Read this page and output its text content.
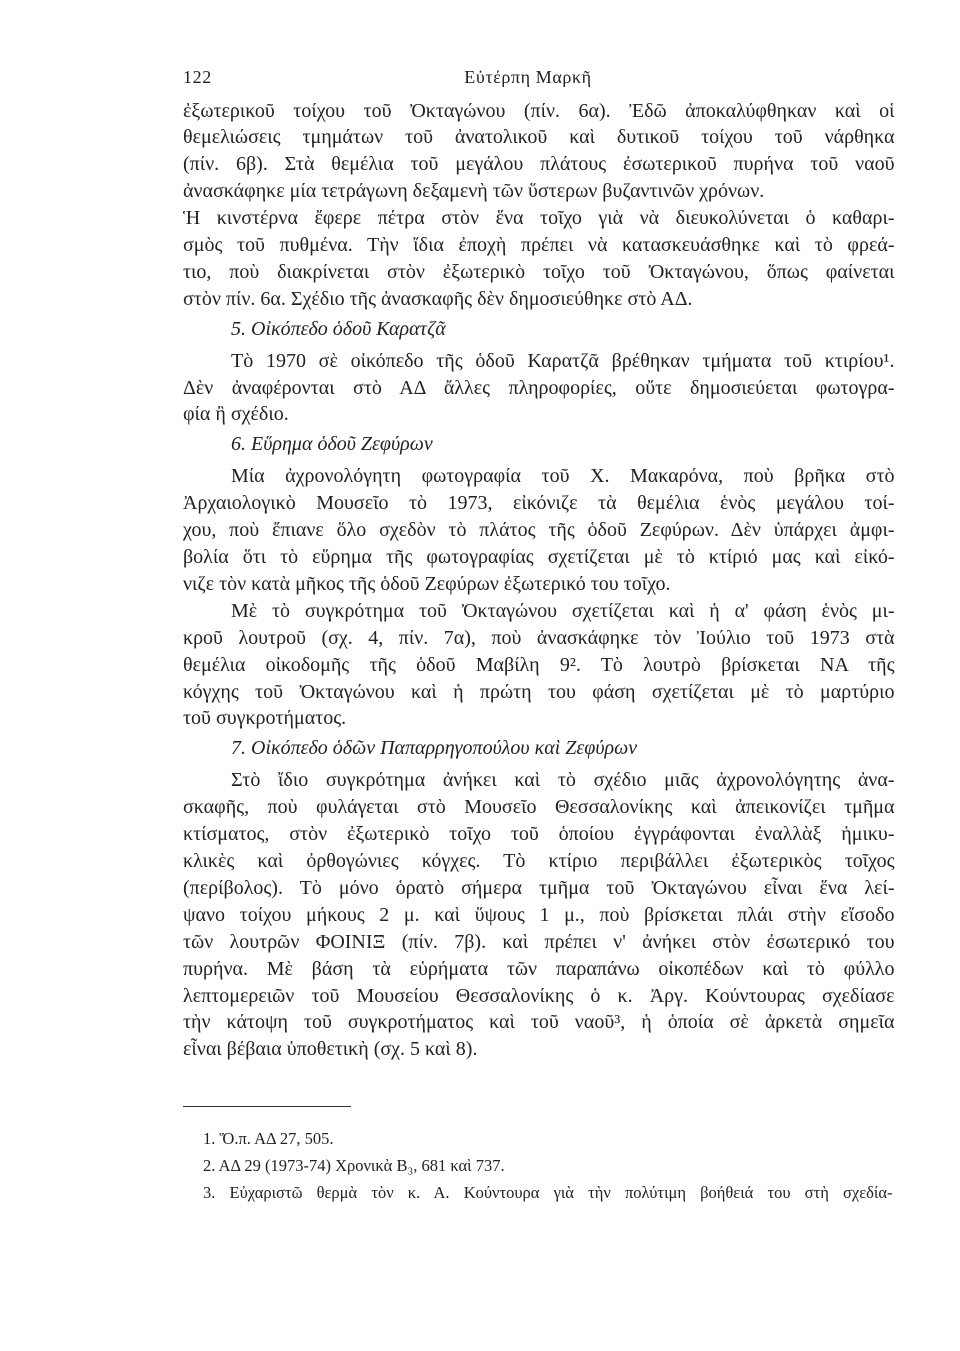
122	Εὐτέρπη Μαρκῆ
ἐξωτερικοῦ τοίχου τοῦ Ὀκταγώνου (πίν. 6α). Ἐδῶ ἀποκαλύφθηκαν καὶ οἱ
θεμελιώσεις τμημάτων τοῦ ἀνατολικοῦ καὶ δυτικοῦ τοίχου τοῦ νάρθηκα
(πίν. 6β). Στὰ θεμέλια τοῦ μεγάλου πλάτους ἐσωτερικοῦ πυρήνα τοῦ ναοῦ
ἀνασκάφηκε μία τετράγωνη δεξαμενὴ τῶν ὕστερων βυζαντινῶν χρόνων.
Ἡ κινστέρνα ἔφερε πέτρα στὸν ἕνα τοῖχο γιὰ νὰ διευκολύνεται ὁ καθαρι-
σμὸς τοῦ πυθμένα. Τὴν ἴδια ἐποχὴ πρέπει νὰ κατασκευάσθηκε καὶ τὸ φρεά-
τιο, ποὺ διακρίνεται στὸν ἐξωτερικὸ τοῖχο τοῦ Ὀκταγώνου, ὅπως φαίνεται
στὸν πίν. 6α. Σχέδιο τῆς ἀνασκαφῆς δὲν δημοσιεύθηκε στὸ ΑΔ.
5. Οἰκόπεδο ὁδοῦ Καρατζᾶ
Τὸ 1970 σὲ οἰκόπεδο τῆς ὁδοῦ Καρατζᾶ βρέθηκαν τμήματα τοῦ κτιρίου¹.
Δὲν ἀναφέρονται στὸ ΑΔ ἄλλες πληροφορίες, οὔτε δημοσιεύεται φωτογρα-
φία ἢ σχέδιο.
6. Εὕρημα ὁδοῦ Ζεφύρων
Μία ἀχρονολόγητη φωτογραφία τοῦ Χ. Μακαρόνα, ποὺ βρῆκα στὸ
Ἀρχαιολογικὸ Μουσεῖο τὸ 1973, εἰκόνιζε τὰ θεμέλια ἑνὸς μεγάλου τοί-
χου, ποὺ ἔπιανε ὅλο σχεδὸν τὸ πλάτος τῆς ὁδοῦ Ζεφύρων. Δὲν ὑπάρχει ἀμφι-
βολία ὅτι τὸ εὕρημα τῆς φωτογραφίας σχετίζεται μὲ τὸ κτίριό μας καὶ εἰκό-
νιζε τὸν κατὰ μῆκος τῆς ὁδοῦ Ζεφύρων ἐξωτερικό του τοῖχο.
Μὲ τὸ συγκρότημα τοῦ Ὀκταγώνου σχετίζεται καὶ ἡ α' φάση ἑνὸς μι-
κροῦ λουτροῦ (σχ. 4, πίν. 7α), ποὺ ἀνασκάφηκε τὸν Ἰούλιο τοῦ 1973 στὰ
θεμέλια οἰκοδομῆς τῆς ὁδοῦ Μαβίλη 9². Τὸ λουτρὸ βρίσκεται ΝΑ τῆς
κόγχης τοῦ Ὀκταγώνου καὶ ἡ πρώτη του φάση σχετίζεται μὲ τὸ μαρτύριο
τοῦ συγκροτήματος.
7. Οἰκόπεδο ὁδῶν Παπαρρηγοπούλου καὶ Ζεφύρων
Στὸ ἴδιο συγκρότημα ἀνήκει καὶ τὸ σχέδιο μιᾶς ἀχρονολόγητης ἀνα-
σκαφῆς, ποὺ φυλάγεται στὸ Μουσεῖο Θεσσαλονίκης καὶ ἀπεικονίζει τμῆμα
κτίσματος, στὸν ἐξωτερικὸ τοῖχο τοῦ ὁποίου ἐγγράφονται ἐναλλὰξ ἡμικυ-
κλικὲς καὶ ὀρθογώνιες κόγχες. Τὸ κτίριο περιβάλλει ἐξωτερικὸς τοῖχος
(περίβολος). Τὸ μόνο ὁρατὸ σήμερα τμῆμα τοῦ Ὀκταγώνου εἶναι ἕνα λεί-
ψανο τοίχου μήκους 2 μ. καὶ ὕψους 1 μ., ποὺ βρίσκεται πλάι στὴν εἴσοδο
τῶν λουτρῶν ΦΟΙΝΙΞ (πίν. 7β). καὶ πρέπει ν' ἀνήκει στὸν ἐσωτερικό του
πυρήνα. Μὲ βάση τὰ εὑρήματα τῶν παραπάνω οἰκοπέδων καὶ τὸ φύλλο
λεπτομερειῶν τοῦ Μουσείου Θεσσαλονίκης ὁ κ. Ἀργ. Κούντουρας σχεδίασε
τὴν κάτοψη τοῦ συγκροτήματος καὶ τοῦ ναοῦ³, ἡ ὁποία σὲ ἀρκετὰ σημεῖα
εἶναι βέβαια ὑποθετικὴ (σχ. 5 καὶ 8).
1. Ὅ.π. ΑΔ 27, 505.
2. ΑΔ 29 (1973-74) Χρονικὰ Β₃, 681 καὶ 737.
3. Εὐχαριστῶ θερμὰ τὸν κ. Α. Κούντουρα γιὰ τὴν πολύτιμη βοήθειά του στὴ σχεδία-
